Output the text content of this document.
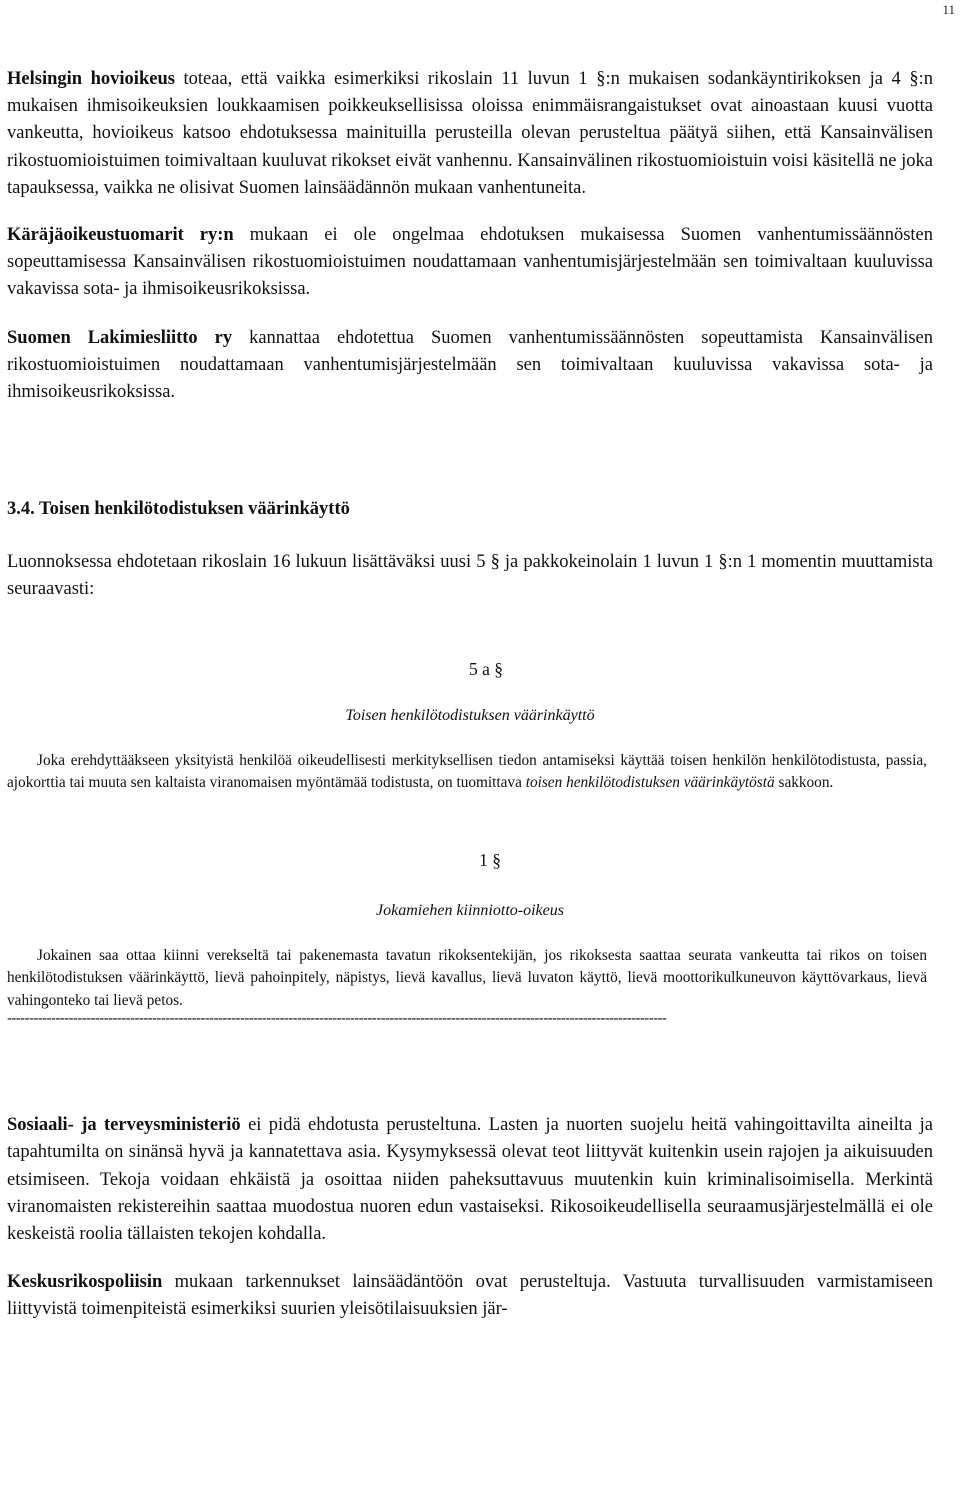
11

Helsingin hovioikeus toteaa, että vaikka esimerkiksi rikoslain 11 luvun 1 §:n mukaisen sodankäyntirikoksen ja 4 §:n mukaisen ihmisoikeuksien loukkaamisen poikkeuksellisissa oloissa enimmäisrangaistukset ovat ainoastaan kuusi vuotta vankeutta, hovioikeus katsoo ehdotuksessa mainituilla perusteilla olevan perusteltua päätyä siihen, että Kansainvälisen rikostuomioistuimen toimivaltaan kuuluvat rikokset eivät vanhennu. Kansainvälinen rikostuomioistuin voisi käsitellä ne joka tapauksessa, vaikka ne olisivat Suomen lainsäädännön mukaan vanhentuneita.

Käräjäoikeustuomarit ry:n mukaan ei ole ongelmaa ehdotuksen mukaisessa Suomen vanhentumissäännösten sopeuttamisessa Kansainvälisen rikostuomioistuimen noudattamaan vanhentumisjärjestelmään sen toimivaltaan kuuluvissa vakavissa sota- ja ihmisoikeusrikoksissa.

Suomen Lakimiesliitto ry kannattaa ehdotettua Suomen vanhentumissäännösten sopeuttamista Kansainvälisen rikostuomioistuimen noudattamaan vanhentumisjärjestelmään sen toimivaltaan kuuluvissa vakavissa sota- ja ihmisoikeusrikoksissa.

3.4. Toisen henkilötodistuksen väärinkäyttö

Luonnoksessa ehdotetaan rikoslain 16 lukuun lisättäväksi uusi 5 § ja pakkokeinolain 1 luvun 1 §:n 1 momentin muuttamista seuraavasti:

5 a §

Toisen henkilötodistuksen väärinkäyttö

Joka erehdyttääkseen yksityistä henkilöä oikeudellisesti merkityksellisen tiedon antamiseksi käyttää toisen henkilön henkilötodistusta, passia, ajokorttia tai muuta sen kaltaista viranomaisen myöntämää todistusta, on tuomittava toisen henkilötodistuksen väärinkäytöstä sakkoon.

1 §

Jokamiehen kiinniotto-oikeus

Jokainen saa ottaa kiinni verekseltä tai pakenemasta tavatun rikoksentekijän, jos rikoksesta saattaa seurata vankeutta tai rikos on toisen henkilötodistuksen väärinkäyttö, lievä pahoinpitely, näpistys, lievä kavallus, lievä luvaton käyttö, lievä moottorikulkuneuvon käyttövarkaus, lievä vahingonteko tai lievä petos.

------------------------------------------------------------------------------------------------------------------------------------------------------

Sosiaali- ja terveysministeriö ei pidä ehdotusta perusteltuna. Lasten ja nuorten suojelu heitä vahingoittavilta aineilta ja tapahtumilta on sinänsä hyvä ja kannatettava asia. Kysymyksessä olevat teot liittyvät kuitenkin usein rajojen ja aikuisuuden etsimiseen. Tekoja voidaan ehkäistä ja osoittaa niiden paheksuttavuus muutenkin kuin kriminalisoimisella. Merkintä viranomaisten rekistereihin saattaa muodostua nuoren edun vastaiseksi. Rikosoikeudellisella seuraamusjärjestelmällä ei ole keskeistä roolia tällaisten tekojen kohdalla.

Keskusrikospoliisin mukaan tarkennukset lainsäädäntöön ovat perusteltuja. Vastuuta turvallisuuden varmistamiseen liittyvistä toimenpiteistä esimerkiksi suurien yleisötilaisuuksien jär-
